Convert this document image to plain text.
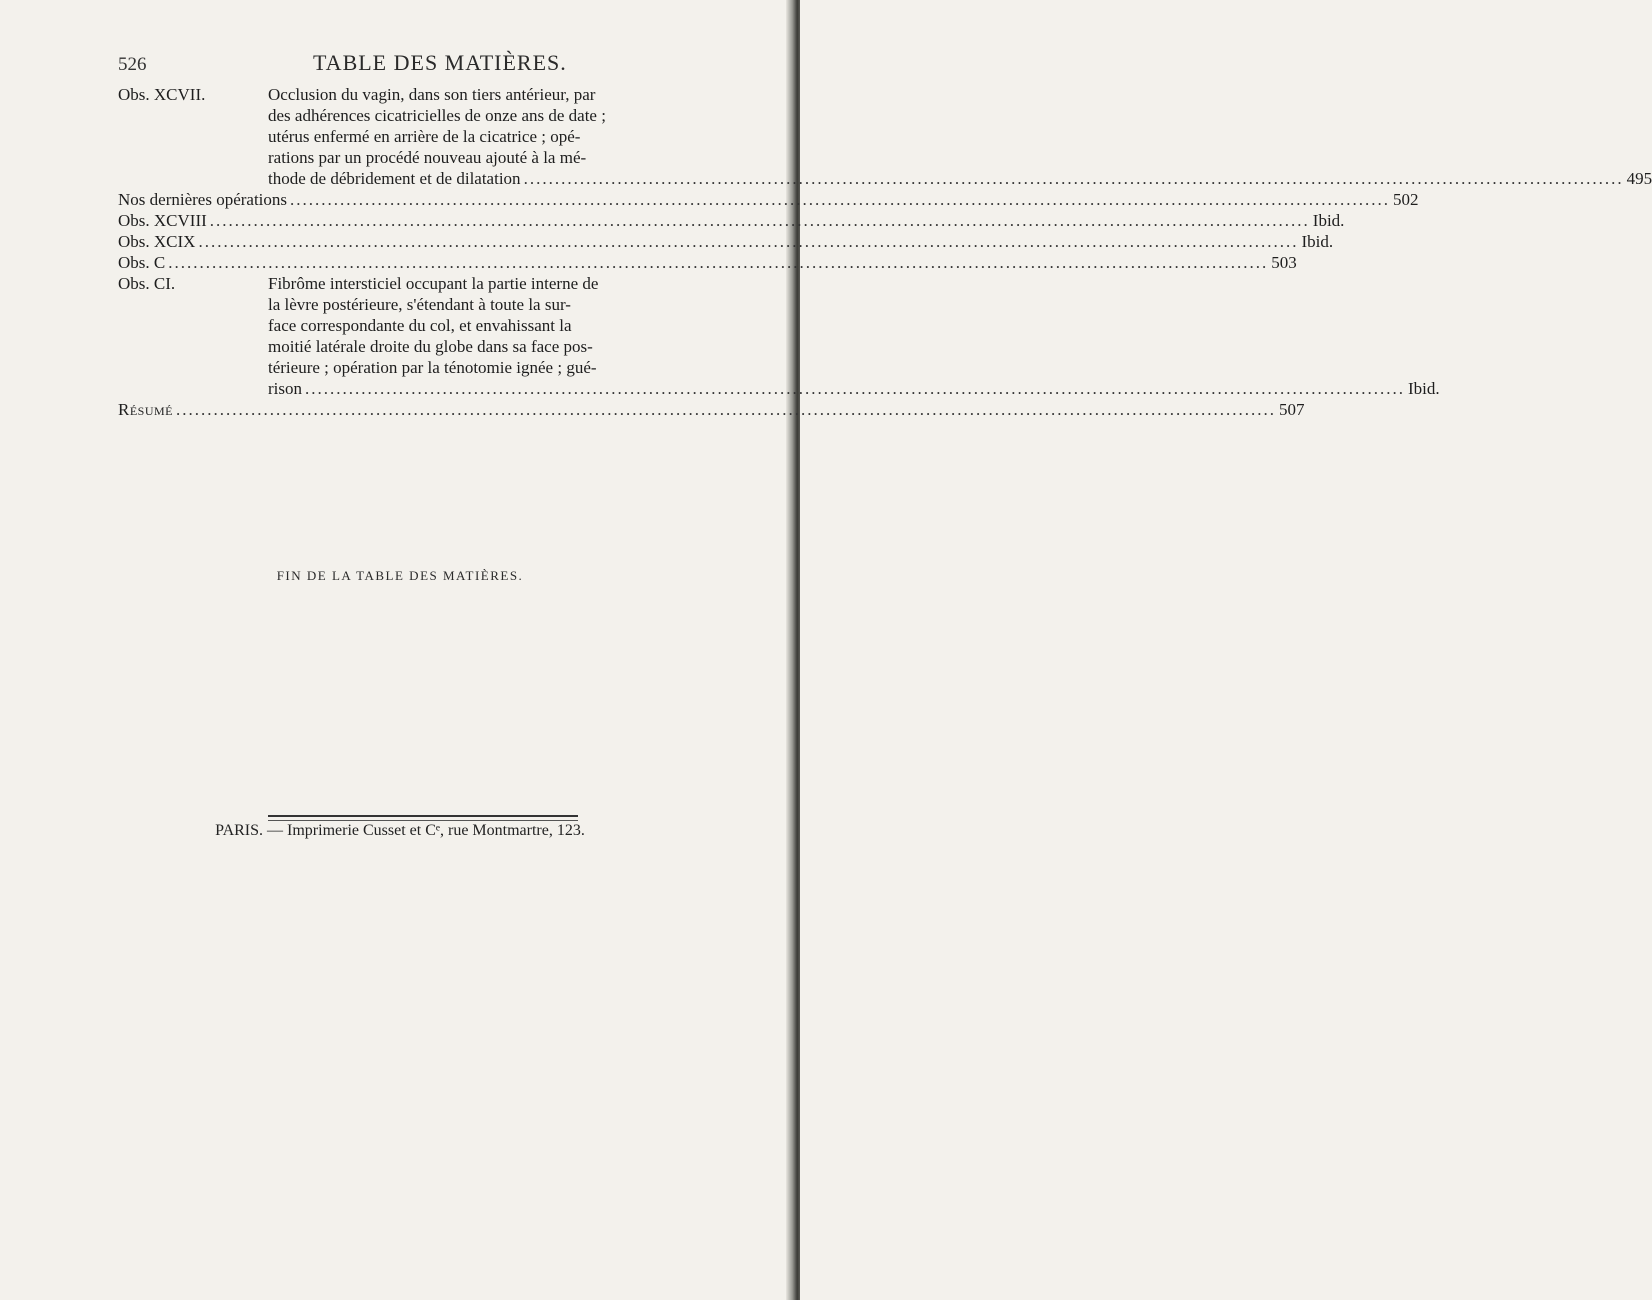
526	TABLE DES MATIÈRES.
Obs. XCVII.	Occlusion du vagin, dans son tiers antérieur, par
des adhérences cicatricielles de onze ans de date ;
utérus enfermé en arrière de la cicatrice ; opé-
rations par un procédé nouveau ajouté à la mé-
thode de débridement et de dilatation .....	495
Nos dernières opérations .....	502
Obs. XCVIII .....	Ibid.
Obs. XCIX .....	Ibid.
Obs. C .....	503
Obs. CI.	Fibrôme intersticiel occupant la partie interne de
la lèvre postérieure, s'étendant à toute la sur-
face correspondante du col, et envahissant la
moitié latérale droite du globe dans sa face pos-
térieure ; opération par la ténotomie ignée ; gué-
rison .....	Ibid.
Résumé .....	507
FIN DE LA TABLE DES MATIÈRES.
PARIS. — Imprimerie Cusset et Cᵉ, rue Montmartre, 123.
